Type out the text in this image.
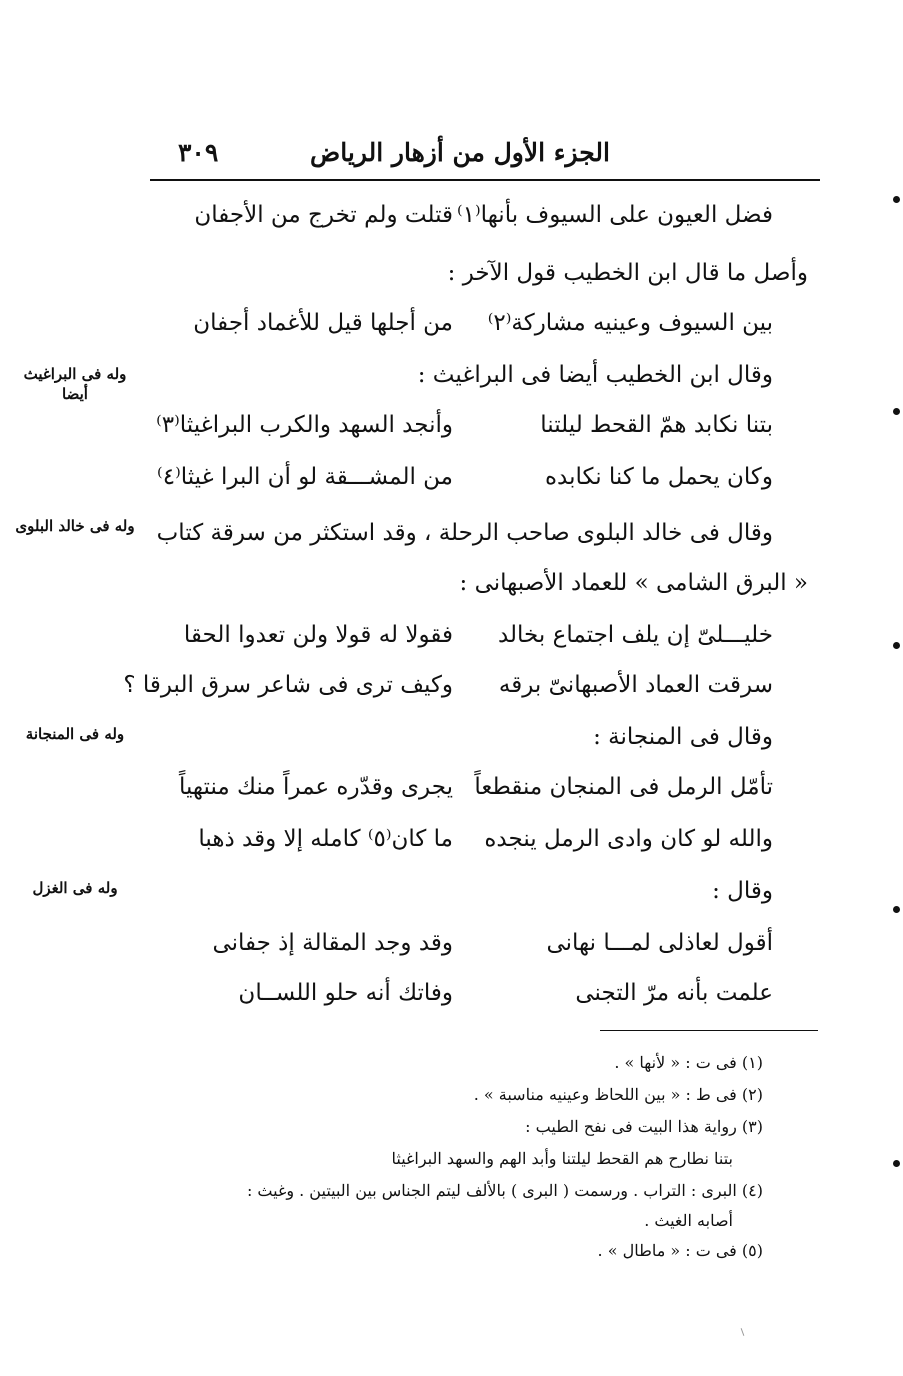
الجزء الأول من أزهار الرياض
٣٠٩
فضل العيون على السيوف بأنها⁽١⁾
قتلت ولم تخرج من الأجفان
وأصل ما قال ابن الخطيب قول الآخر :
بين السيوف وعينيه مشاركة⁽٢⁾
من أجلها قيل للأغماد أجفان
وقال ابن الخطيب أيضا فى البراغيث :
بتنا نكابد همّ القحط ليلتنا
وأنجد السهد والكرب البراغيثا⁽٣⁾
وكان يحمل ما كنا نكابده
من المشـــقة لو أن البرا غيثا⁽٤⁾
وقال فى خالد البلوى صاحب الرحلة ، وقد استكثر من سرقة كتاب
« البرق الشامى » للعماد الأصبهانى :
خليـــلىّ إن يلف اجتماع بخالد
فقولا له قولا ولن تعدوا الحقا
سرقت العماد الأصبهانىّ برقه
وكيف ترى فى شاعر سرق البرقا ؟
وقال فى المنجانة :
تأمّل الرمل فى المنجان منقطعاً
يجرى وقدّره عمراً منك منتهياً
والله لو كان وادى الرمل ينجده
ما كان⁽٥⁾ كامله إلا وقد ذهبا
وقال :
أقول لعاذلى لمـــا نهانى
وقد وجد المقالة إذ جفانى
علمت بأنه مرّ التجنى
وفاتك أنه حلو اللســان
وله فى البراغيث أيضا
وله فى خالد البلوى
وله فى المنجانة
وله فى الغزل
(١) فى ت : « لأنها » .
(٢) فى ط : « بين اللحاظ وعينيه مناسبة » .
(٣) رواية هذا البيت فى نفح الطيب :
بتنا نطارح هم القحط ليلتنا وأبد الهم والسهد البراغيثا
(٤) البرى : التراب . ورسمت ( البرى ) بالألف ليتم الجناس بين البيتين . وغيث :
أصابه الغيث .
(٥) فى ت : « ماطال » .
